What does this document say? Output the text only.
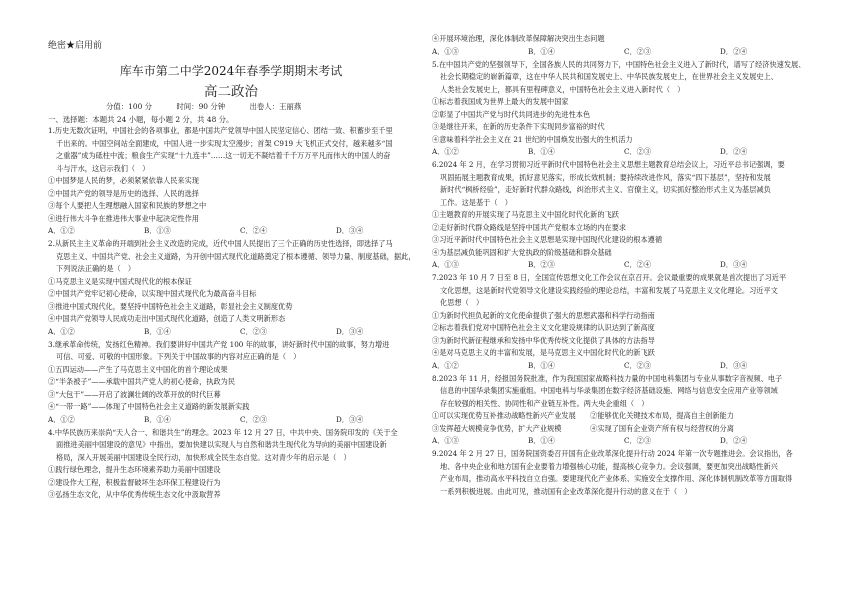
绝密★启用前
库车市第二中学2024年春季学期期末考试
高二政治
分值：100 分	时间：90 分钟	出卷人：王丽燕
一、选择题：本题共 24 小题，每小题 2 分，共 48 分。
1.历史无数次证明，中国社会的各项事业，都是中国共产党领导中国人民坚定信心、团结一致、积蓄步至千里
千出来的。中国空间站全面建成，中国人进一步实现太空漫步；首架 C919 大飞机正式交付，越来越多“国
之重器”成为砥柱中流；粮食生产实现“十九连丰”……这一切无不凝结着千千万万平凡而伟大的中国人的奋
斗与汗水，这启示我们（　）
①中国梦是人民的梦，必须紧紧依靠人民来实现
②中国共产党的领导是历史的选择、人民的选择
③每个人要把人生理想融入国家和民族的梦想之中
④进行伟大斗争在推进伟大事业中起决定性作用
A．①②	B．①③	C．②④	D．③④
2.从新民主主义革命的开端到社会主义改造的完成，近代中国人民提出了三个正确的历史性选择，即选择了马
克思主义、中国共产党、社会主义道路，为开创中国式现代化道路奠定了根本遵循、领导力量、制度基础，据此，
下列说法正确的是（　）
①马克思主义是实现中国式现代化的根本保证
②中国共产党牢记初心使命，以实现中国式现代化为最高奋斗目标
③推进中国式现代化，要坚持中国特色社会主义道路，彰显社会主义制度优势
④中国共产党领导人民成功走出中国式现代化道路，创造了人类文明新形态
A．①②	B．①④	C．②③	D．③④
3.继承革命传统，发扬红色精神。我们要讲好中国共产党 100 年的故事，讲好新时代中国的故事，努力增进
可信、可爱、可敬的中国形象。下列关于中国故事的内容对应正确的是（　）
①五四运动——产生了马克思主义中国化的首个理论成果
②“半条被子”——承载中国共产党人的初心使命，执政为民
③“大包干”——开启了波澜壮阔的改革开放的时代巨幕
④“一带一路”——体现了中国特色社会主义道路的新发展新实践
A．①②	B．①④	C．②③	D．③④
4.中华民族历来崇尚“天人合一、和谐共生”的理念。2023 年 12 月 27 日，中共中央、国务院印发的《关于全
面推进美丽中国建设的意见》中指出，要加快建以实现人与自然和谐共生现代化为导向的美丽中国建设新
格局，深入开展美丽中国建设全民行动，加快形成全民生态自觉。这对青少年的启示是（　）
①践行绿色理念，提升生态环境素养助力美丽中国建设
②建设作大工程，积极监督破坏生态环保工程建设行为
③弘扬生态文化，从中华优秀传统生态文化中汲取营养
④开展环境治理，深化体制改革保障解决突出生态问题
A．①③	B．①④	C．②③	D．②④
5.在中国共产党的坚强领导下，全国各族人民的共同努力下，中国特色社会主义进入了新时代，谱写了经济快速发展、
社会长期稳定的崭新篇章，这在中华人民共和国发展史上、中华民族发展史上，在世界社会主义发展史上、
人类社会发展史上，都具有里程碑意义，中国特色社会主义进入新时代（　）
①标志着我国成为世界上最大的发展中国家
②彰显了中国共产党与时代共同进步的先进性本色
③是继往开来，在新的历史条件下实现同步富裕的时代
④意味着科学社会主义在 21 世纪的中国焕发出强大的生机活力
A．①②	B．①④	C．②③	D．②④
6.2024 年 2 月，在学习贯彻习近平新时代中国特色社会主义思想主题教育总结会议上，习近平总书记强调，要
巩固拓展主题教育成果，抓好意见落实，形成长效机制；要持续改进作风，落实“四下基层”，坚持和发展
新时代“枫桥经验”，走好新时代群众路线，纠治形式主义、官僚主义，切实抓好整治形式主义为基层减负
工作。这是基于（　）
①主题教育的开展实现了马克思主义中国化时代化新的飞跃
②走好新时代群众路线是坚持中国共产党根本立场的内在要求
③习近平新时代中国特色社会主义思想是实现中国现代化建设的根本遵循
④为基层减负能巩固和扩大党执政的阶级基础和群众基础
A．①③	B．②③	C．②④	D．③④
7.2023 年 10 月 7 日至 8 日，全国宣传思想文化工作会议在京召开。会议最重要的成果就是首次提出了习近平
文化思想，这是新时代党领导文化建设实践经验的理论总结，丰富和发展了马克思主义文化理论。习近平文
化思想（　）
①为新时代担负起新的文化使命提供了强大的思想武器和科学行动指南
②标志着我们党对中国特色社会主义文化建设规律的认识达到了新高度
③为新时代新征程继承和发扬中华优秀传统文化提供了具体的方法指导
④是对马克思主义的丰富和发展，是马克思主义中国化时代化的新飞跃
A．①②	B．①④	C．②③	D．③④
8.2023 年 11 月，经报国务院批准，作为我国国家战略科技力量的中国电科集团与专业从事数字音视频、电子
信息的中国华录集团实施重组。中国电科与华录集团在数字经济基础设施、网络与信息安全应用产业等领域
存在较强的相关性、协同性和产业链互补性。两大央企重组（　）
①可以实现优势互补推动战略性新兴产业发展　　②能够优化关键技术布局，提高自主创新能力
③发挥超大规模竞争优势，扩大产业规模　　　　④实现了国有企业资产所有权与经营权的分离
A．①③	B．①④	C．②③	D．②④
9.2024 年 2 月 27 日，国务院国资委召开国有企业改革深化提升行动 2024 年第一次专题推进会。会议指出，各
地、各中央企业和地方国有企业要着力增强核心功能，提高核心竞争力。会议强调，要更加突出战略性新兴
产业布局，推动高水平科技自立自强。要建现代化产业体系、实施安全支撑作用、深化体制机制改革等方面取得
一系列积极进展。由此可见，推动国有企业改革深化提升行动的意义在于（　）
